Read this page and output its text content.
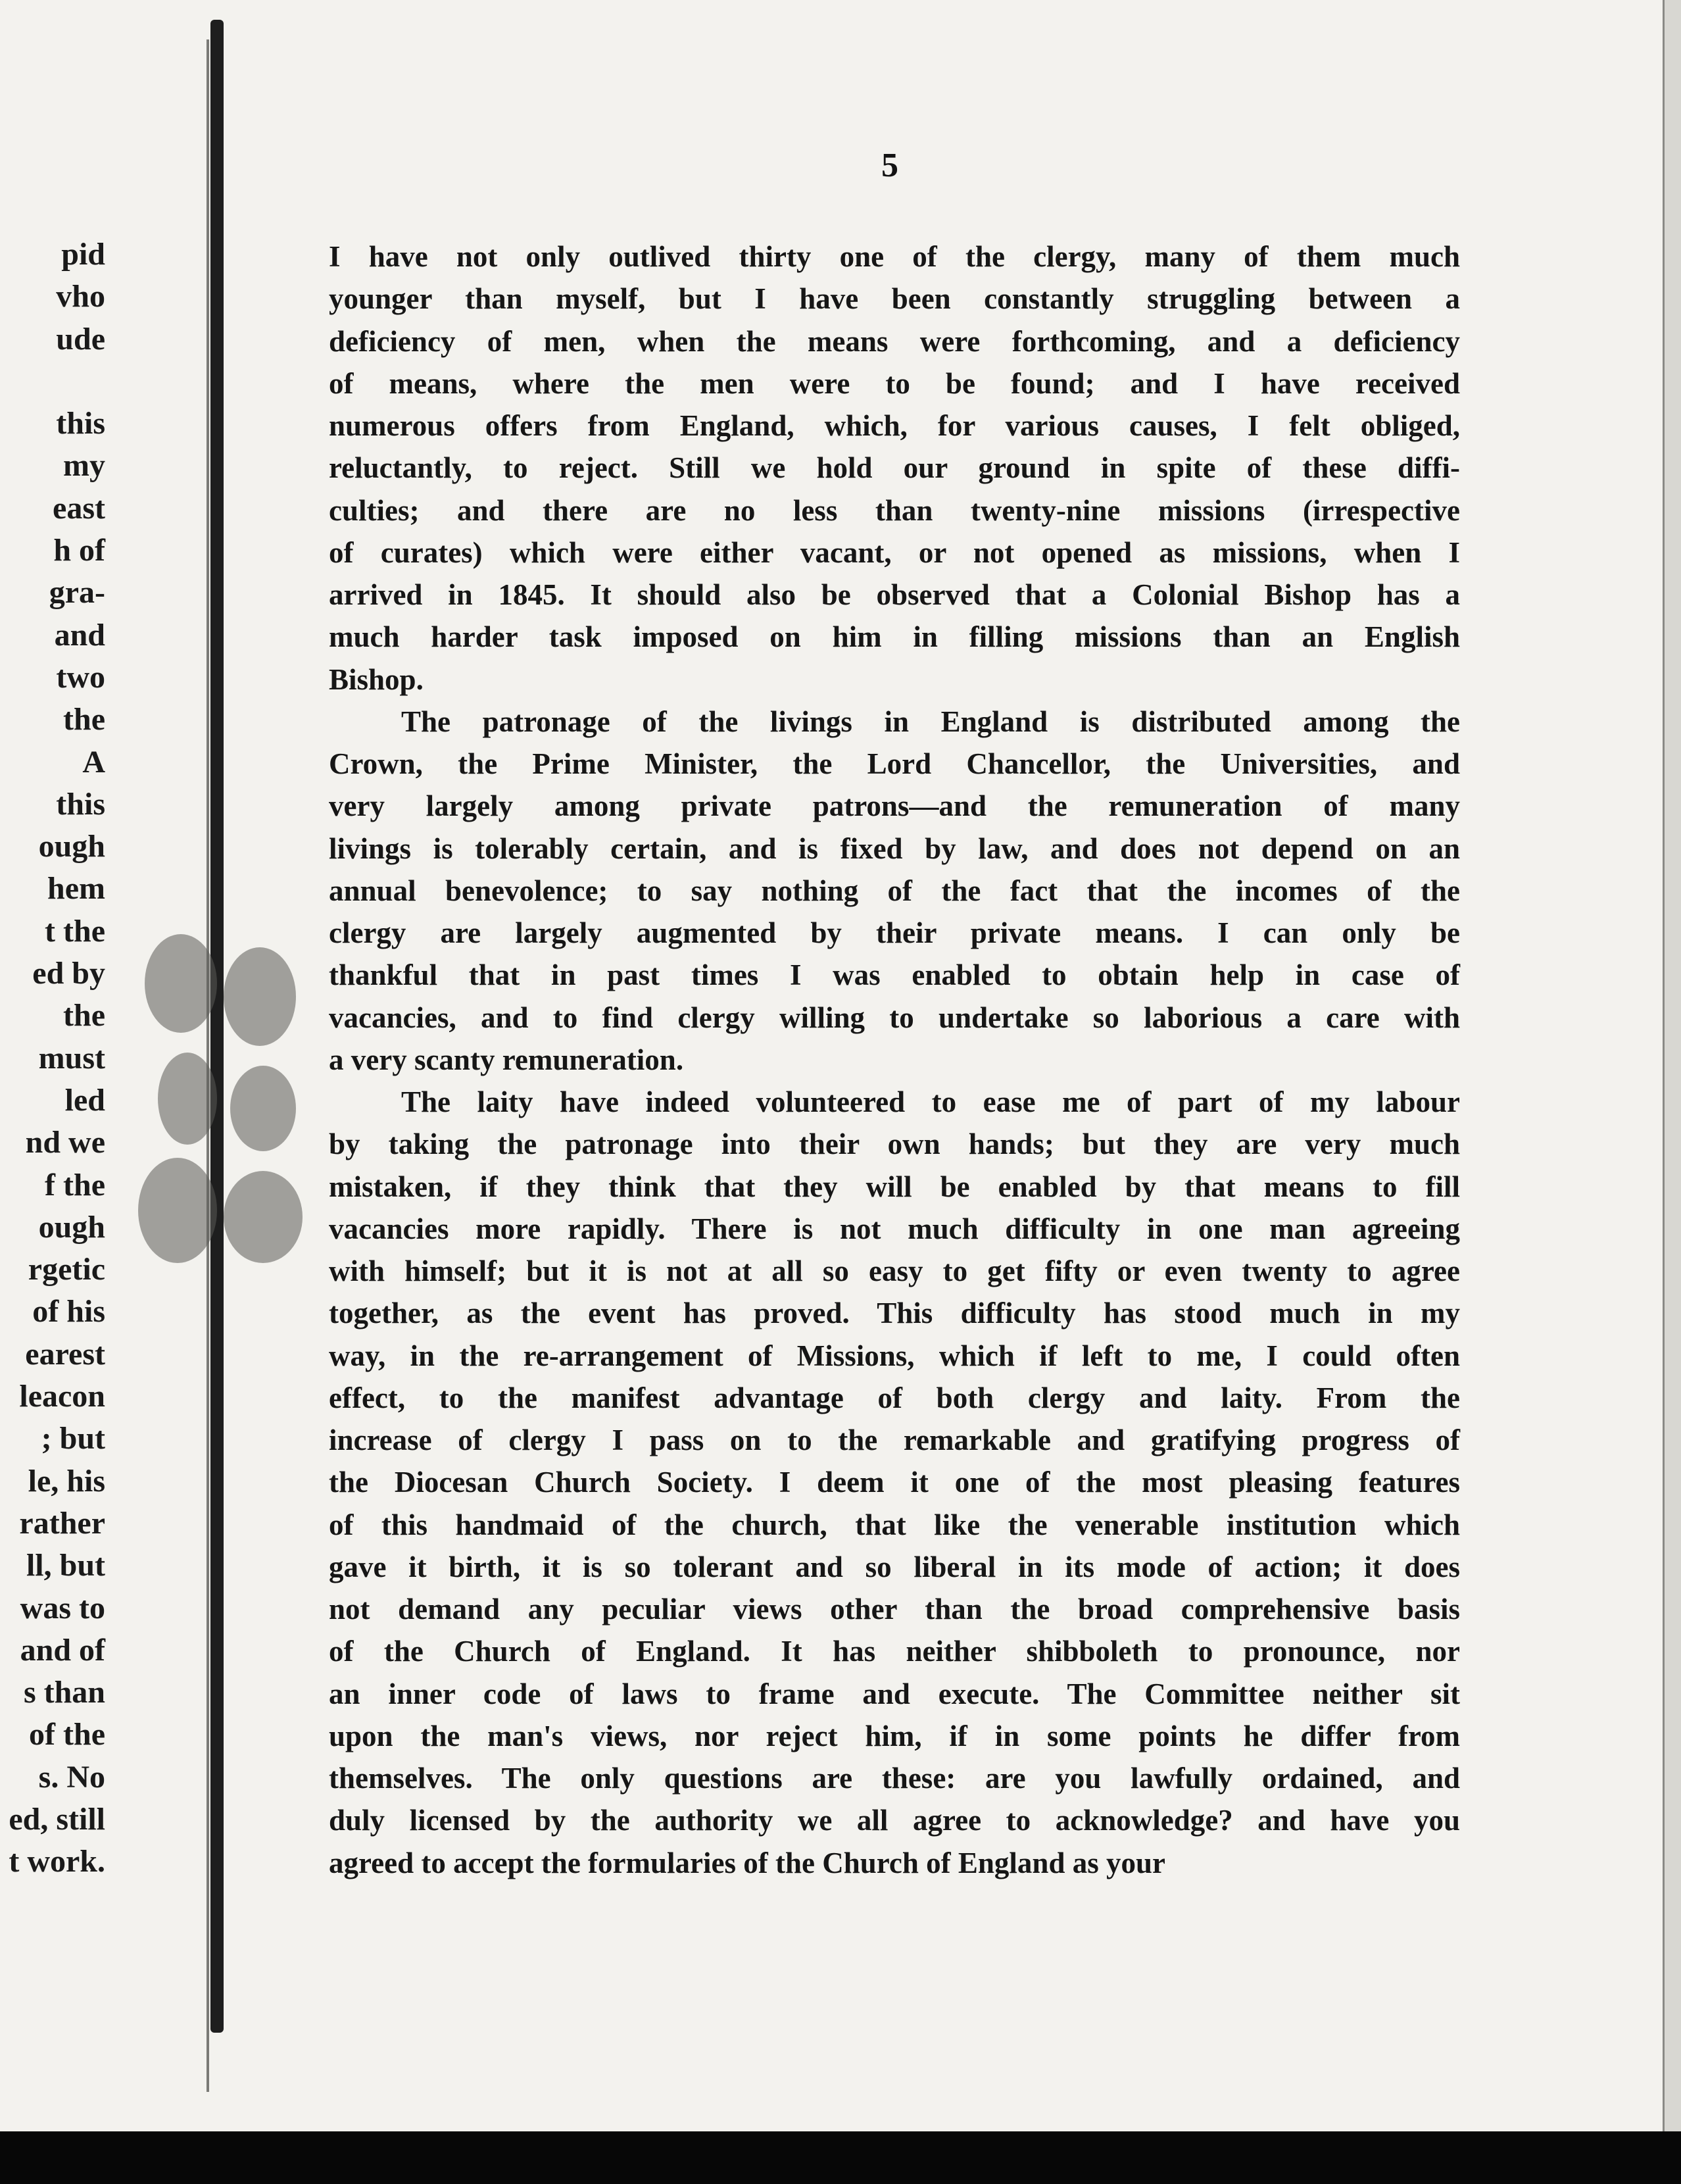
pid
vho
ude
this
my
east
h of
gra-
and
two
the
A
this
ough
hem
t the
ed by
the
must
led
nd we
f the
ough
rgetic
of his
earest
leacon
; but
le, his
rather
ll, but
was to
and of
s than
of the
s. No
ed, still
t work.
5
I have not only outlived thirty one of the clergy, many of them much
younger than myself, but I have been constantly struggling between a
deficiency of men, when the means were forthcoming, and a deficiency
of means, where the men were to be found; and I have received
numerous offers from England, which, for various causes, I felt obliged,
reluctantly, to reject. Still we hold our ground in spite of these diffi-
culties; and there are no less than twenty-nine missions (irrespective
of curates) which were either vacant, or not opened as missions, when I
arrived in 1845. It should also be observed that a Colonial Bishop has a
much harder task imposed on him in filling missions than an English
Bishop.
The patronage of the livings in England is distributed among the
Crown, the Prime Minister, the Lord Chancellor, the Universities, and
very largely among private patrons—and the remuneration of many
livings is tolerably certain, and is fixed by law, and does not depend on an
annual benevolence; to say nothing of the fact that the incomes of the
clergy are largely augmented by their private means. I can only be
thankful that in past times I was enabled to obtain help in case of
vacancies, and to find clergy willing to undertake so laborious a care with
a very scanty remuneration.
The laity have indeed volunteered to ease me of part of my labour
by taking the patronage into their own hands; but they are very much
mistaken, if they think that they will be enabled by that means to fill
vacancies more rapidly. There is not much difficulty in one man agreeing
with himself; but it is not at all so easy to get fifty or even twenty to agree
together, as the event has proved. This difficulty has stood much in my
way, in the re-arrangement of Missions, which if left to me, I could often
effect, to the manifest advantage of both clergy and laity. From the
increase of clergy I pass on to the remarkable and gratifying progress of
the Diocesan Church Society. I deem it one of the most pleasing features
of this handmaid of the church, that like the venerable institution which
gave it birth, it is so tolerant and so liberal in its mode of action; it does
not demand any peculiar views other than the broad comprehensive basis
of the Church of England. It has neither shibboleth to pronounce, nor
an inner code of laws to frame and execute. The Committee neither sit
upon the man's views, nor reject him, if in some points he differ from
themselves. The only questions are these: are you lawfully ordained, and
duly licensed by the authority we all agree to acknowledge? and have you
agreed to accept the formularies of the Church of England as your
